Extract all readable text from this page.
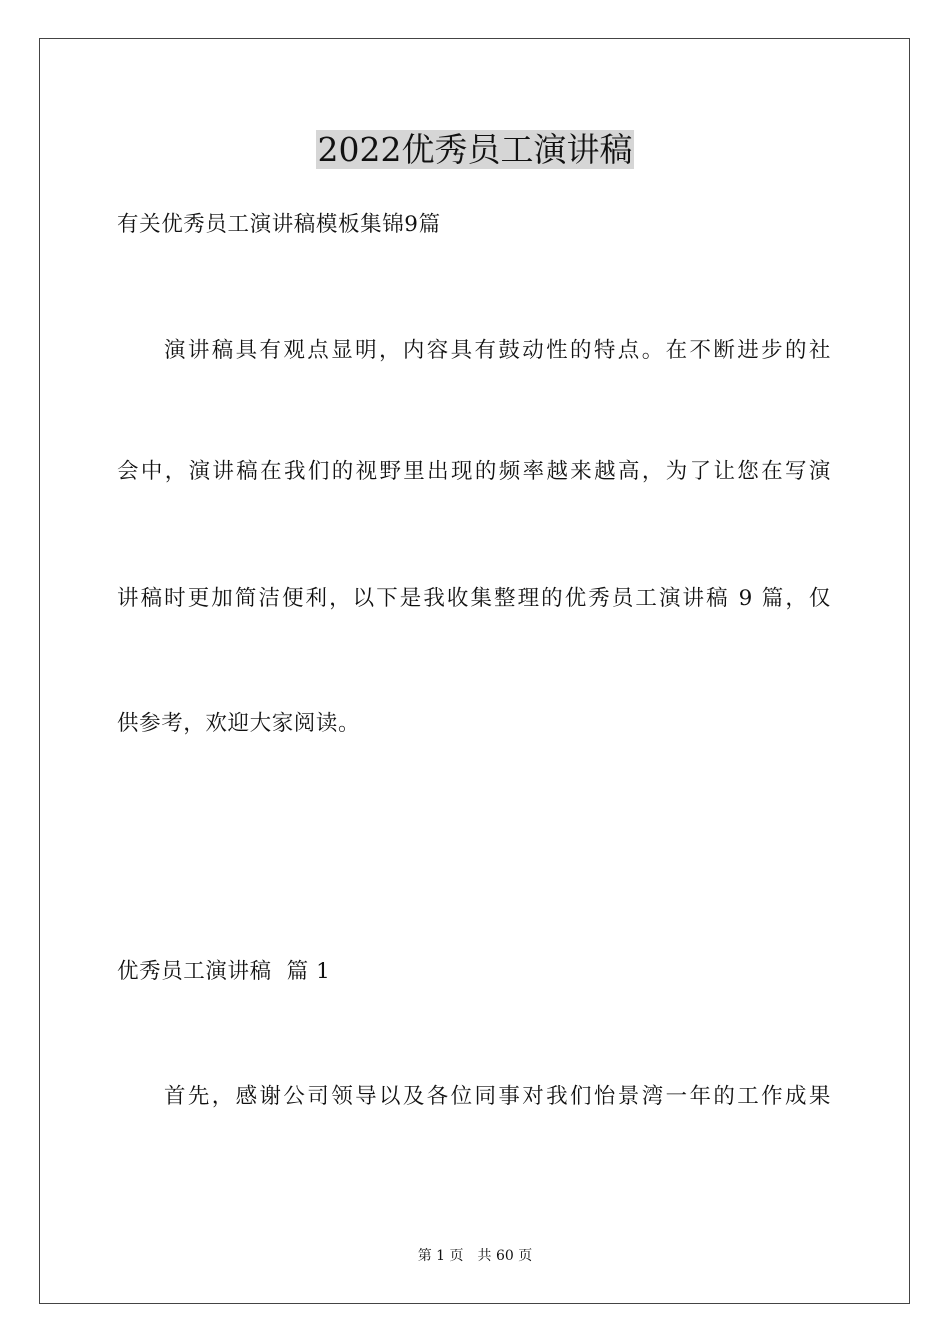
2022优秀员工演讲稿
有关优秀员工演讲稿模板集锦9篇
演讲稿具有观点显明，内容具有鼓动性的特点。在不断进步的社
会中，演讲稿在我们的视野里出现的频率越来越高，为了让您在写演
讲稿时更加简洁便利，以下是我收集整理的优秀员工演讲稿 9 篇，仅
供参考，欢迎大家阅读。
优秀员工演讲稿  篇 1
首先，感谢公司领导以及各位同事对我们怡景湾一年的工作成果
第 1 页 共 60 页
